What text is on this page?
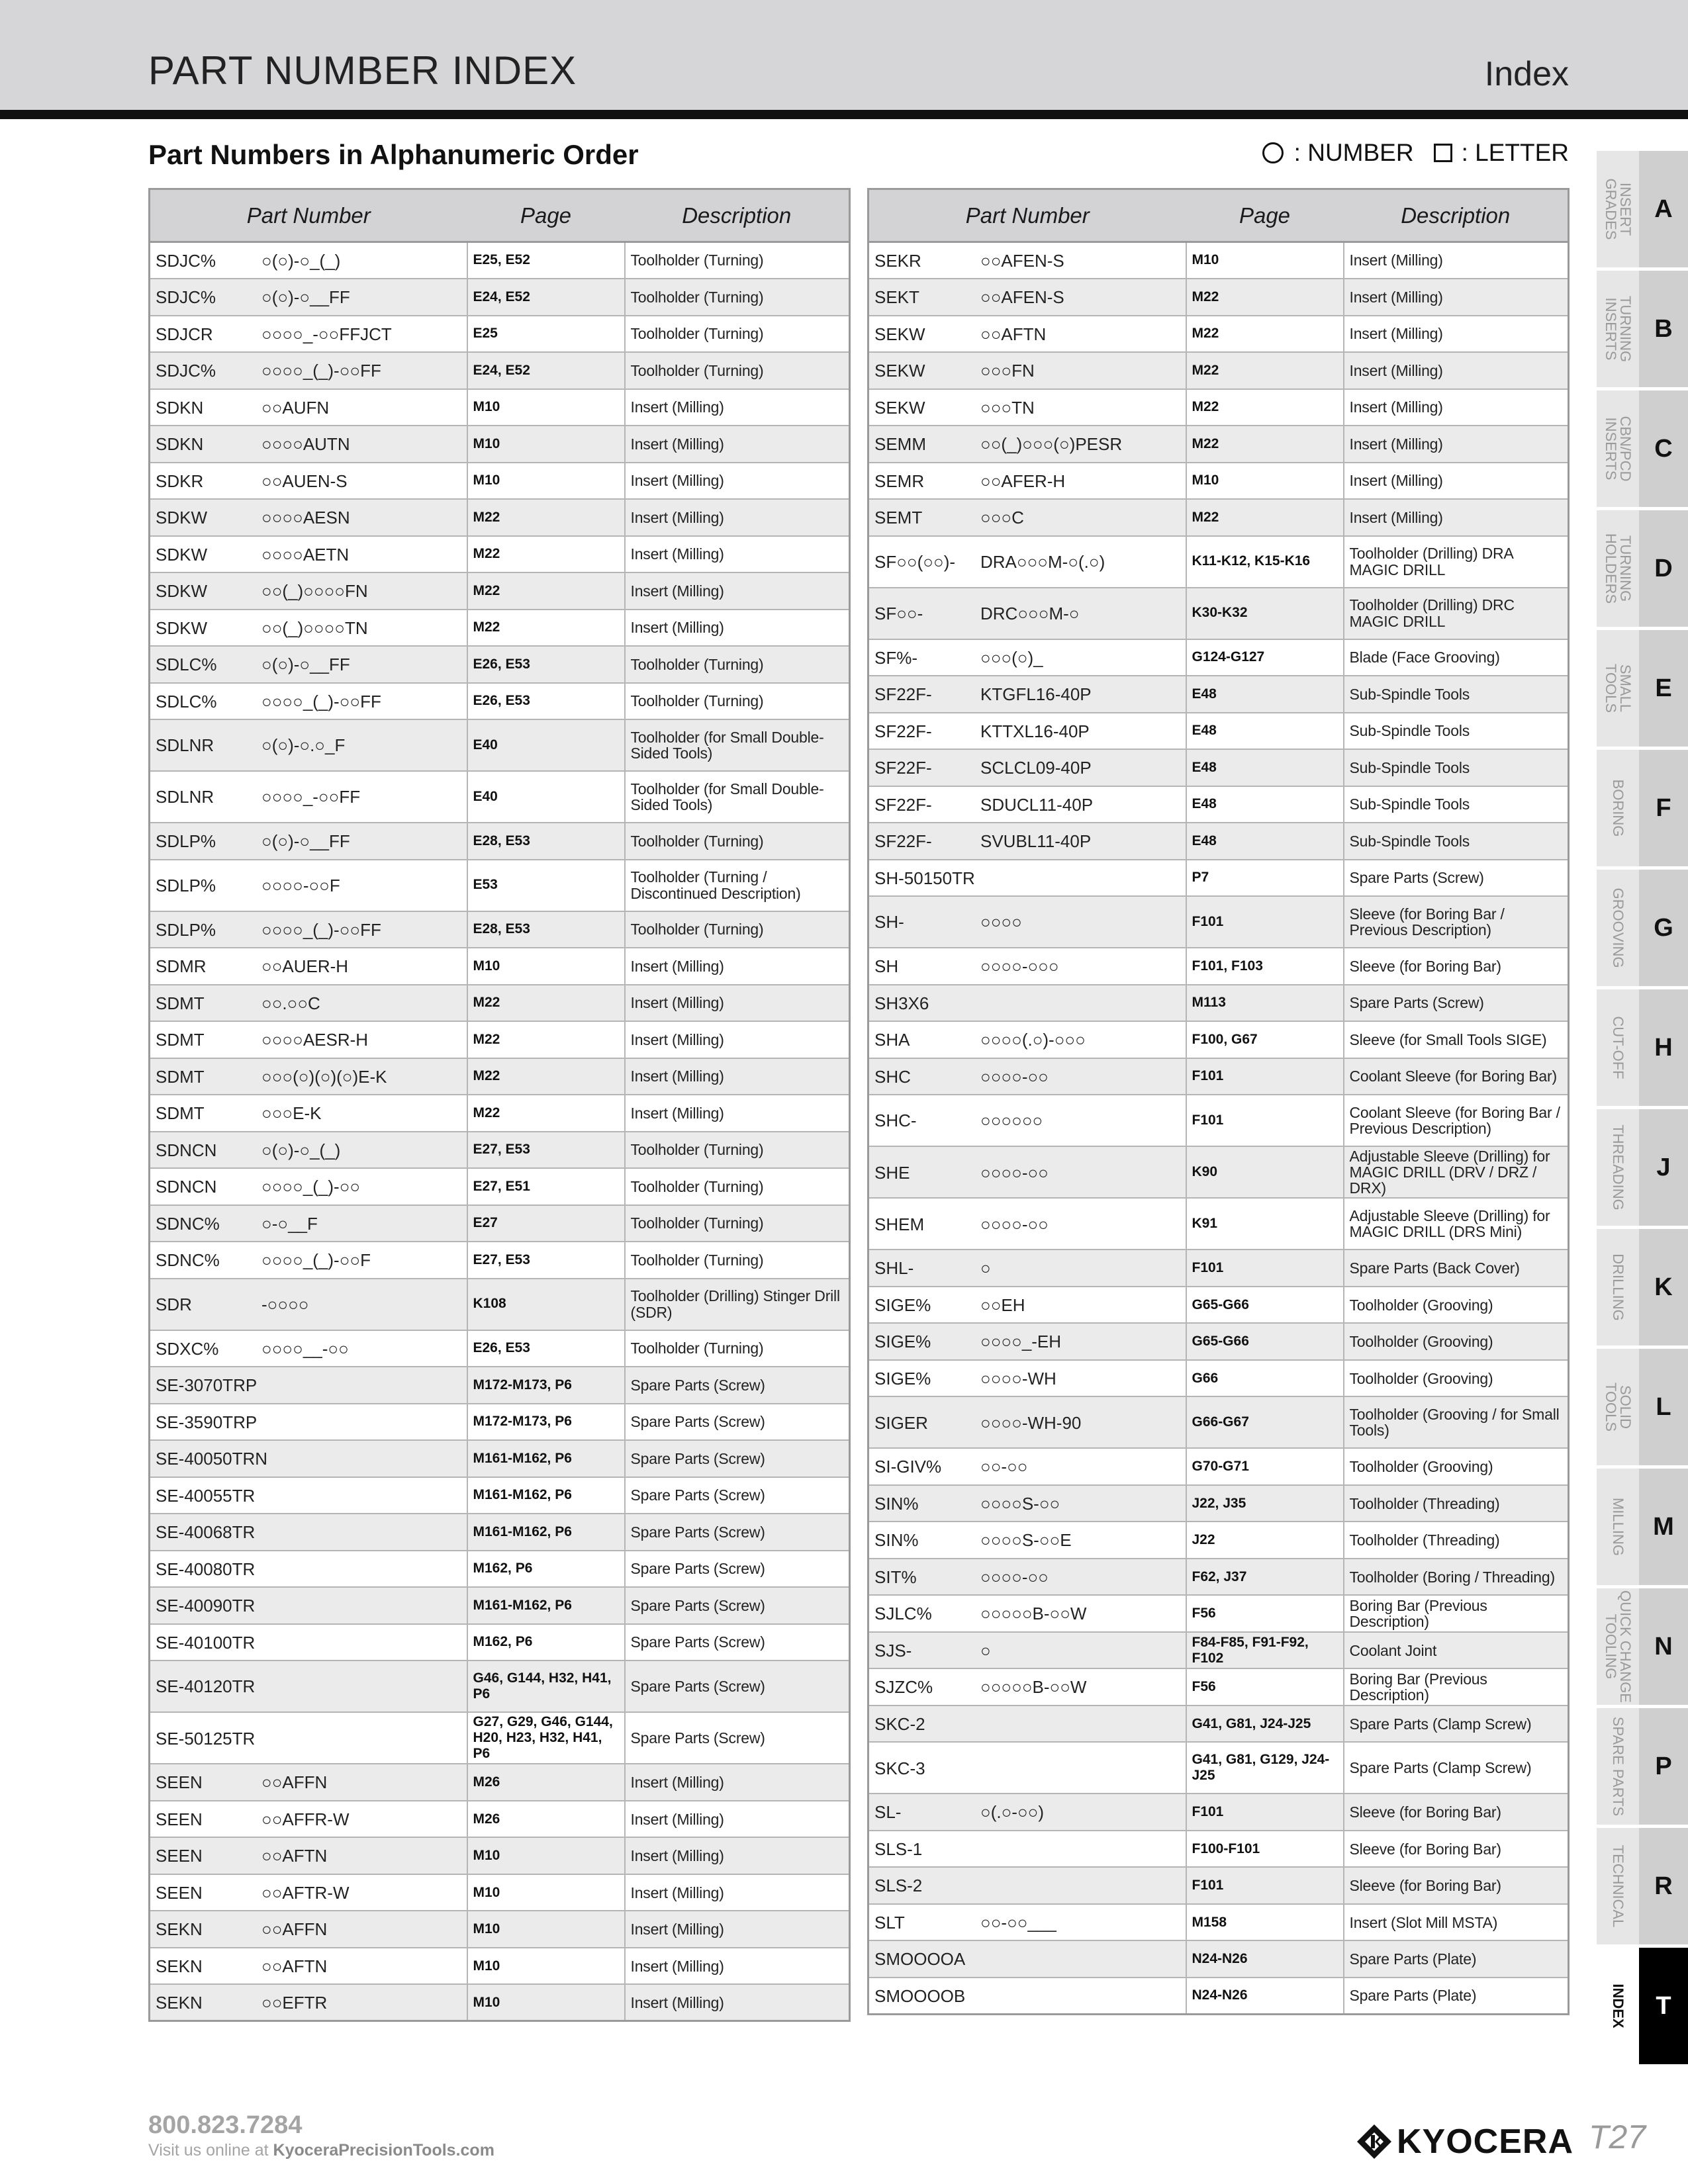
PART NUMBER INDEX	Index
Part Numbers in Alphanumeric Order	: NUMBER : LETTER
Part Number	Page	Description
SDJC% ○(○)-○_(_)	E25, E52	Toolholder (Turning)
SDJC% ○(○)-○__FF	E24, E52	Toolholder (Turning)
SDJCR ○○○○_-○○FFJCT	E25	Toolholder (Turning)
SDJC% ○○○○_(_)-○○FF	E24, E52	Toolholder (Turning)
SDKN ○○AUFN	M10	Insert (Milling)
SDKN ○○○○AUTN	M10	Insert (Milling)
SDKR ○○AUEN-S	M10	Insert (Milling)
SDKW ○○○○AESN	M22	Insert (Milling)
SDKW ○○○○AETN	M22	Insert (Milling)
SDKW ○○(_)○○○○FN	M22	Insert (Milling)
SDKW ○○(_)○○○○TN	M22	Insert (Milling)
SDLC% ○(○)-○__FF	E26, E53	Toolholder (Turning)
SDLC% ○○○○_(_)-○○FF	E26, E53	Toolholder (Turning)
SDLNR ○(○)-○.○_F	E40	Toolholder (for Small Double-Sided Tools)
SDLNR ○○○○_-○○FF	E40	Toolholder (for Small Double-Sided Tools)
SDLP% ○(○)-○__FF	E28, E53	Toolholder (Turning)
SDLP% ○○○○-○○F	E53	Toolholder (Turning / Discontinued Description)
SDLP% ○○○○_(_)-○○FF	E28, E53	Toolholder (Turning)
SDMR ○○AUER-H	M10	Insert (Milling)
SDMT ○○.○○C	M22	Insert (Milling)
SDMT ○○○○AESR-H	M22	Insert (Milling)
SDMT ○○○(○)(○)(○)E-K	M22	Insert (Milling)
SDMT ○○○E-K	M22	Insert (Milling)
SDNCN ○(○)-○_(_)	E27, E53	Toolholder (Turning)
SDNCN ○○○○_(_)-○○	E27, E51	Toolholder (Turning)
SDNC% ○-○__F	E27	Toolholder (Turning)
SDNC% ○○○○_(_)-○○F	E27, E53	Toolholder (Turning)
SDR -○○○○	K108	Toolholder (Drilling) Stinger Drill (SDR)
SDXC% ○○○○__-○○	E26, E53	Toolholder (Turning)
SE-3070TRP	M172-M173, P6	Spare Parts (Screw)
SE-3590TRP	M172-M173, P6	Spare Parts (Screw)
SE-40050TRN	M161-M162, P6	Spare Parts (Screw)
SE-40055TR	M161-M162, P6	Spare Parts (Screw)
SE-40068TR	M161-M162, P6	Spare Parts (Screw)
SE-40080TR	M162, P6	Spare Parts (Screw)
SE-40090TR	M161-M162, P6	Spare Parts (Screw)
SE-40100TR	M162, P6	Spare Parts (Screw)
SE-40120TR	G46, G144, H32, H41, P6	Spare Parts (Screw)
SE-50125TR	G27, G29, G46, G144, H20, H23, H32, H41, P6	Spare Parts (Screw)
SEEN ○○AFFN	M26	Insert (Milling)
SEEN ○○AFFR-W	M26	Insert (Milling)
SEEN ○○AFTN	M10	Insert (Milling)
SEEN ○○AFTR-W	M10	Insert (Milling)
SEKN ○○AFFN	M10	Insert (Milling)
SEKN ○○AFTN	M10	Insert (Milling)
SEKN ○○EFTR	M10	Insert (Milling)
Part Number	Page	Description
SEKR ○○AFEN-S	M10	Insert (Milling)
SEKT ○○AFEN-S	M22	Insert (Milling)
SEKW ○○AFTN	M22	Insert (Milling)
SEKW ○○○FN	M22	Insert (Milling)
SEKW ○○○TN	M22	Insert (Milling)
SEMM ○○(_)○○○(○)PESR	M22	Insert (Milling)
SEMR ○○AFER-H	M10	Insert (Milling)
SEMT ○○○C	M22	Insert (Milling)
SF○○(○○)- DRA○○○M-○(.○)	K11-K12, K15-K16	Toolholder (Drilling) DRA MAGIC DRILL
SF○○- DRC○○○M-○	K30-K32	Toolholder (Drilling) DRC MAGIC DRILL
SF%- ○○○(○)_	G124-G127	Blade (Face Grooving)
SF22F- KTGFL16-40P	E48	Sub-Spindle Tools
SF22F- KTTXL16-40P	E48	Sub-Spindle Tools
SF22F- SCLCL09-40P	E48	Sub-Spindle Tools
SF22F- SDUCL11-40P	E48	Sub-Spindle Tools
SF22F- SVUBL11-40P	E48	Sub-Spindle Tools
SH-50150TR	P7	Spare Parts (Screw)
SH- ○○○○	F101	Sleeve (for Boring Bar / Previous Description)
SH ○○○○-○○○	F101, F103	Sleeve (for Boring Bar)
SH3X6	M113	Spare Parts (Screw)
SHA ○○○○(.○)-○○○	F100, G67	Sleeve (for Small Tools SIGE)
SHC ○○○○-○○	F101	Coolant Sleeve (for Boring Bar)
SHC- ○○○○○○	F101	Coolant Sleeve (for Boring Bar / Previous Description)
SHE ○○○○-○○	K90	Adjustable Sleeve (Drilling) for MAGIC DRILL (DRV / DRZ / DRX)
SHEM ○○○○-○○	K91	Adjustable Sleeve (Drilling) for MAGIC DRILL (DRS Mini)
SHL- ○	F101	Spare Parts (Back Cover)
SIGE% ○○EH	G65-G66	Toolholder (Grooving)
SIGE% ○○○○_-EH	G65-G66	Toolholder (Grooving)
SIGE% ○○○○-WH	G66	Toolholder (Grooving)
SIGER ○○○○-WH-90	G66-G67	Toolholder (Grooving / for Small Tools)
SI-GIV% ○○-○○	G70-G71	Toolholder (Grooving)
SIN% ○○○○S-○○	J22, J35	Toolholder (Threading)
SIN% ○○○○S-○○E	J22	Toolholder (Threading)
SIT% ○○○○-○○	F62, J37	Toolholder (Boring / Threading)
SJLC% ○○○○○B-○○W	F56	Boring Bar (Previous Description)
SJS- ○	F84-F85, F91-F92, F102	Coolant Joint
SJZC% ○○○○○B-○○W	F56	Boring Bar (Previous Description)
SKC-2	G41, G81, J24-J25	Spare Parts (Clamp Screw)
SKC-3	G41, G81, G129, J24-J25	Spare Parts (Clamp Screw)
SL- ○(.○-○○)	F101	Sleeve (for Boring Bar)
SLS-1	F100-F101	Sleeve (for Boring Bar)
SLS-2	F101	Sleeve (for Boring Bar)
SLT ○○-○○___	M158	Insert (Slot Mill MSTA)
SMOOOOA	N24-N26	Spare Parts (Plate)
SMOOOOB	N24-N26	Spare Parts (Plate)
INSERT
GRADES	A
TURNING
INSERTS	B
CBN/PCD
INSERTS	C
TURNING
HOLDERS	D
SMALL
TOOLS	E
BORING	F
GROOVING	G
CUT-OFF	H
THREADING	J
DRILLING	K
SOLID
TOOLS	L
MILLING	M
QUICK CHANGE
TOOLING	N
SPARE PARTS	P
TECHNICAL	R
INDEX	T
800.823.7284
Visit us online at KyoceraPrecisionTools.com	KYOCERA T27
